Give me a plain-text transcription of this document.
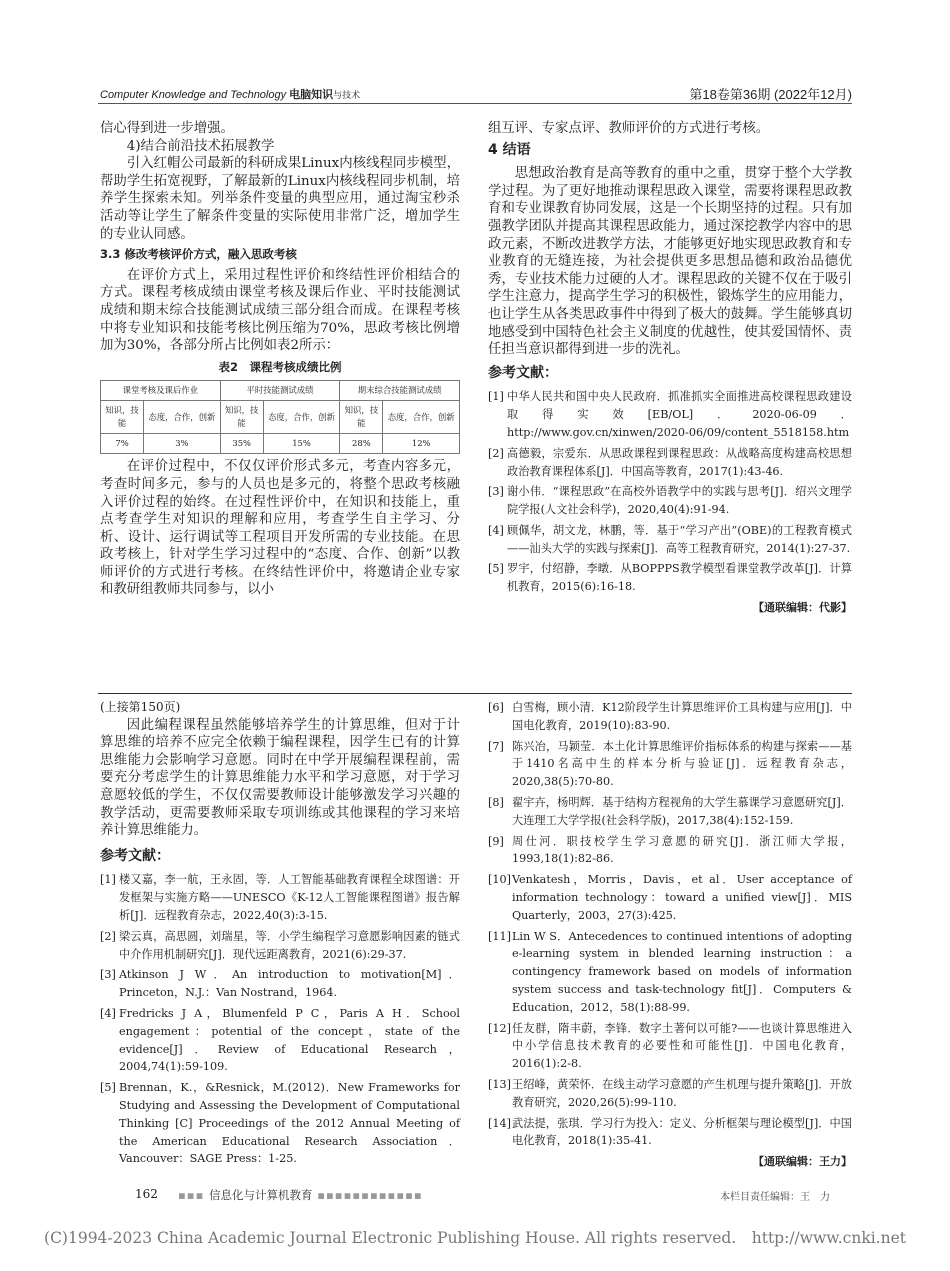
Computer Knowledge and Technology 电脑知识与技术	第18卷第36期 (2022年12月)

信心得到进一步增强。

4)结合前沿技术拓展教学

引入红帽公司最新的科研成果Linux内核线程同步模型，帮助学生拓宽视野，了解最新的Linux内核线程同步机制，培养学生探索未知。列举条件变量的典型应用，通过淘宝秒杀活动等让学生了解条件变量的实际使用非常广泛，增加学生的专业认同感。

3.3 修改考核评价方式，融入思政考核

在评价方式上，采用过程性评价和终结性评价相结合的方式。课程考核成绩由课堂考核及课后作业、平时技能测试成绩和期末综合技能测试成绩三部分组合而成。在课程考核中将专业知识和技能考核比例压缩为70%，思政考核比例增加为30%，各部分所占比例如表2所示：

表2　课程考核成绩比例
课堂考核及课后作业		平时技能测试成绩		期末综合技能测试成绩	
知识，技能	态度，合作，创新	知识，技能	态度，合作，创新	知识，技能	态度，合作，创新
7%	3%	35%	15%	28%	12%

在评价过程中，不仅仅评价形式多元，考查内容多元，考查时间多元，参与的人员也是多元的，将整个思政考核融入评价过程的始终。在过程性评价中，在知识和技能上，重点考查学生对知识的理解和应用，考查学生自主学习、分析、设计、运行调试等工程项目开发所需的专业技能。在思政考核上，针对学生学习过程中的“态度、合作、创新”以教师评价的方式进行考核。在终结性评价中，将邀请企业专家和教研组教师共同参与，以小

组互评、专家点评、教师评价的方式进行考核。

4 结语

思想政治教育是高等教育的重中之重，贯穿于整个大学教学过程。为了更好地推动课程思政入课堂，需要将课程思政教育和专业课教育协同发展，这是一个长期坚持的过程。只有加强教学团队并提高其课程思政能力，通过深挖教学内容中的思政元素，不断改进教学方法，才能够更好地实现思政教育和专业教育的无缝连接，为社会提供更多思想品德和政治品德优秀，专业技术能力过硬的人才。课程思政的关键不仅在于吸引学生注意力，提高学生学习的积极性，锻炼学生的应用能力，也让学生从各类思政事件中得到了极大的鼓舞。学生能够真切地感受到中国特色社会主义制度的优越性，使其爱国情怀、责任担当意识都得到进一步的洗礼。

参考文献：
[1] 中华人民共和国中央人民政府．抓准抓实全面推进高校课程思政建设取得实效[EB/OL]．2020-06-09．http://www.gov.cn/xinwen/2020-06/09/content_5518158.htm
[2] 高德毅，宗爱东．从思政课程到课程思政：从战略高度构建高校思想政治教育课程体系[J]．中国高等教育，2017(1):43-46.
[3] 谢小伟．“课程思政”在高校外语教学中的实践与思考[J]．绍兴文理学院学报(人文社会科学)，2020,40(4):91-94.
[4] 顾佩华，胡文龙，林鹏，等．基于“学习产出”(OBE)的工程教育模式——汕头大学的实践与探索[J]．高等工程教育研究，2014(1):27-37.
[5] 罗宇，付绍静，李暾．从BOPPPS教学模型看课堂教学改革[J]．计算机教育，2015(6):16-18.
【通联编辑：代影】

(上接第150页)

因此编程课程虽然能够培养学生的计算思维，但对于计算思维的培养不应完全依赖于编程课程，因学生已有的计算思维能力会影响学习意愿。同时在中学开展编程课程前，需要充分考虑学生的计算思维能力水平和学习意愿，对于学习意愿较低的学生，不仅仅需要教师设计能够激发学习兴趣的教学活动，更需要教师采取专项训练或其他课程的学习来培养计算思维能力。

参考文献：
[1] 楼又嘉，李一航，王永固，等．人工智能基础教育课程全球图谱：开发框架与实施方略——UNESCO《K-12人工智能课程图谱》报告解析[J]．远程教育杂志，2022,40(3):3-15.
[2] 梁云真，高思圆，刘瑞星，等．小学生编程学习意愿影响因素的链式中介作用机制研究[J]．现代远距离教育，2021(6):29-37.
[3] Atkinson J W．An introduction to motivation[M]．Princeton，N.J.：Van Nostrand，1964.
[4] Fredricks J A，Blumenfeld P C，Paris A H．School engagement：potential of the concept，state of the evidence[J]．Review of Educational Research，2004,74(1):59-109.
[5] Brennan，K.，&Resnick，M.(2012)．New Frameworks for Studying and Assessing the Development of Computational Thinking [C] Proceedings of the 2012 Annual Meeting of the American Educational Research Association．Vancouver：SAGE Press：1-25.
[6] 白雪梅，顾小清．K12阶段学生计算思维评价工具构建与应用[J]．中国电化教育，2019(10):83-90.
[7] 陈兴冶，马颖莹．本土化计算思维评价指标体系的构建与探索——基于1410名高中生的样本分析与验证[J]．远程教育杂志，2020,38(5):70-80.
[8] 翟宇卉，杨明辉．基于结构方程视角的大学生慕课学习意愿研究[J]．大连理工大学学报(社会科学版)，2017,38(4):152-159.
[9] 周仕河．职技校学生学习意愿的研究[J]．浙江师大学报，1993,18(1):82-86.
[10] Venkatesh，Morris，Davis，et al．User acceptance of information technology：toward a unified view[J]．MIS Quarterly，2003，27(3):425.
[11] Lin W S．Antecedences to continued intentions of adopting e-learning system in blended learning instruction：a contingency framework based on models of information system success and task-technology fit[J]．Computers & Education，2012，58(1):88-99.
[12] 任友群，隋丰蔚，李锋．数字土著何以可能?——也谈计算思维进入中小学信息技术教育的必要性和可能性[J]．中国电化教育，2016(1):2-8.
[13] 王绍峰，黄荣怀．在线主动学习意愿的产生机理与提升策略[J]．开放教育研究，2020,26(5):99-110.
[14] 武法提，张琪．学习行为投入：定义、分析框架与理论模型[J]．中国电化教育，2018(1):35-41.
【通联编辑：王力】
162 ▪▪▪ 信息化与计算机教育 ▪▪▪▪▪▪▪▪▪▪▪▪	本栏目责任编辑：王　力
(C)1994-2023 China Academic Journal Electronic Publishing House. All rights reserved.　http://www.cnki.net
